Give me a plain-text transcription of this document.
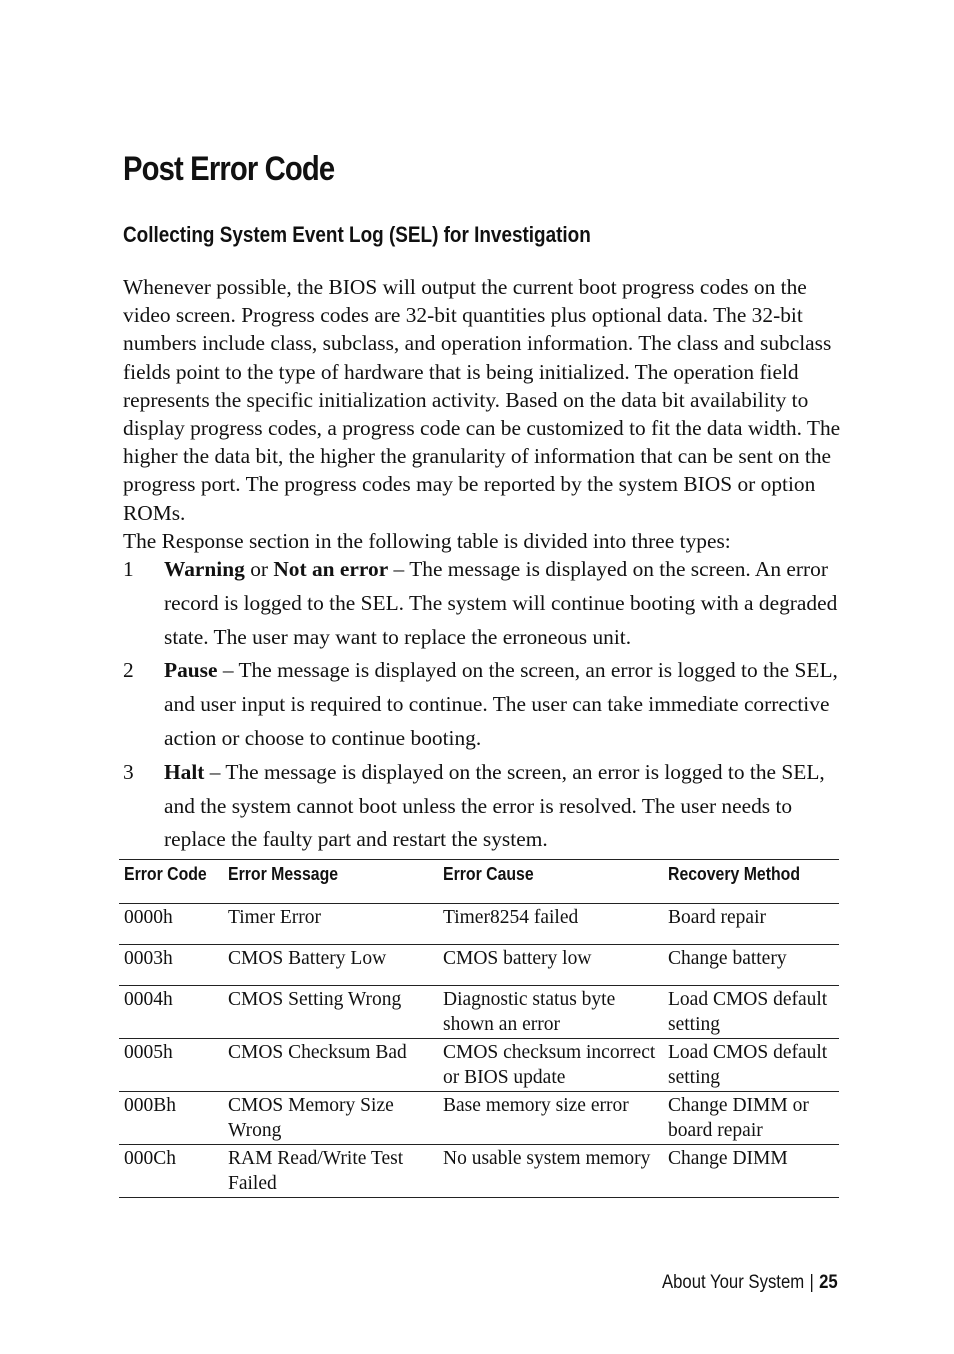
Post Error Code
Collecting System Event Log (SEL) for Investigation

Whenever possible, the BIOS will output the current boot progress codes on the video screen. Progress codes are 32-bit quantities plus optional data. The 32-bit numbers include class, subclass, and operation information. The class and subclass fields point to the type of hardware that is being initialized. The operation field represents the specific initialization activity. Based on the data bit availability to display progress codes, a progress code can be customized to fit the data width. The higher the data bit, the higher the granularity of information that can be sent on the progress port. The progress codes may be reported by the system BIOS or option ROMs.

The Response section in the following table is divided into three types:

1 Warning or Not an error – The message is displayed on the screen. An error record is logged to the SEL. The system will continue booting with a degraded state. The user may want to replace the erroneous unit.
2 Pause – The message is displayed on the screen, an error is logged to the SEL, and user input is required to continue. The user can take immediate corrective action or choose to continue booting.
3 Halt – The message is displayed on the screen, an error is logged to the SEL, and the system cannot boot unless the error is resolved. The user needs to replace the faulty part and restart the system.
Error Code	Error Message	Error Cause	Recovery Method
0000h	Timer Error	Timer8254 failed	Board repair
0003h	CMOS Battery Low	CMOS battery low	Change battery
0004h	CMOS Setting Wrong	Diagnostic status byte shown an error	Load CMOS default setting
0005h	CMOS Checksum Bad	CMOS checksum incorrect or BIOS update	Load CMOS default setting
000Bh	CMOS Memory Size Wrong	Base memory size error	Change DIMM or board repair
000Ch	RAM Read/Write Test Failed	No usable system memory	Change DIMM
About Your System | 25
